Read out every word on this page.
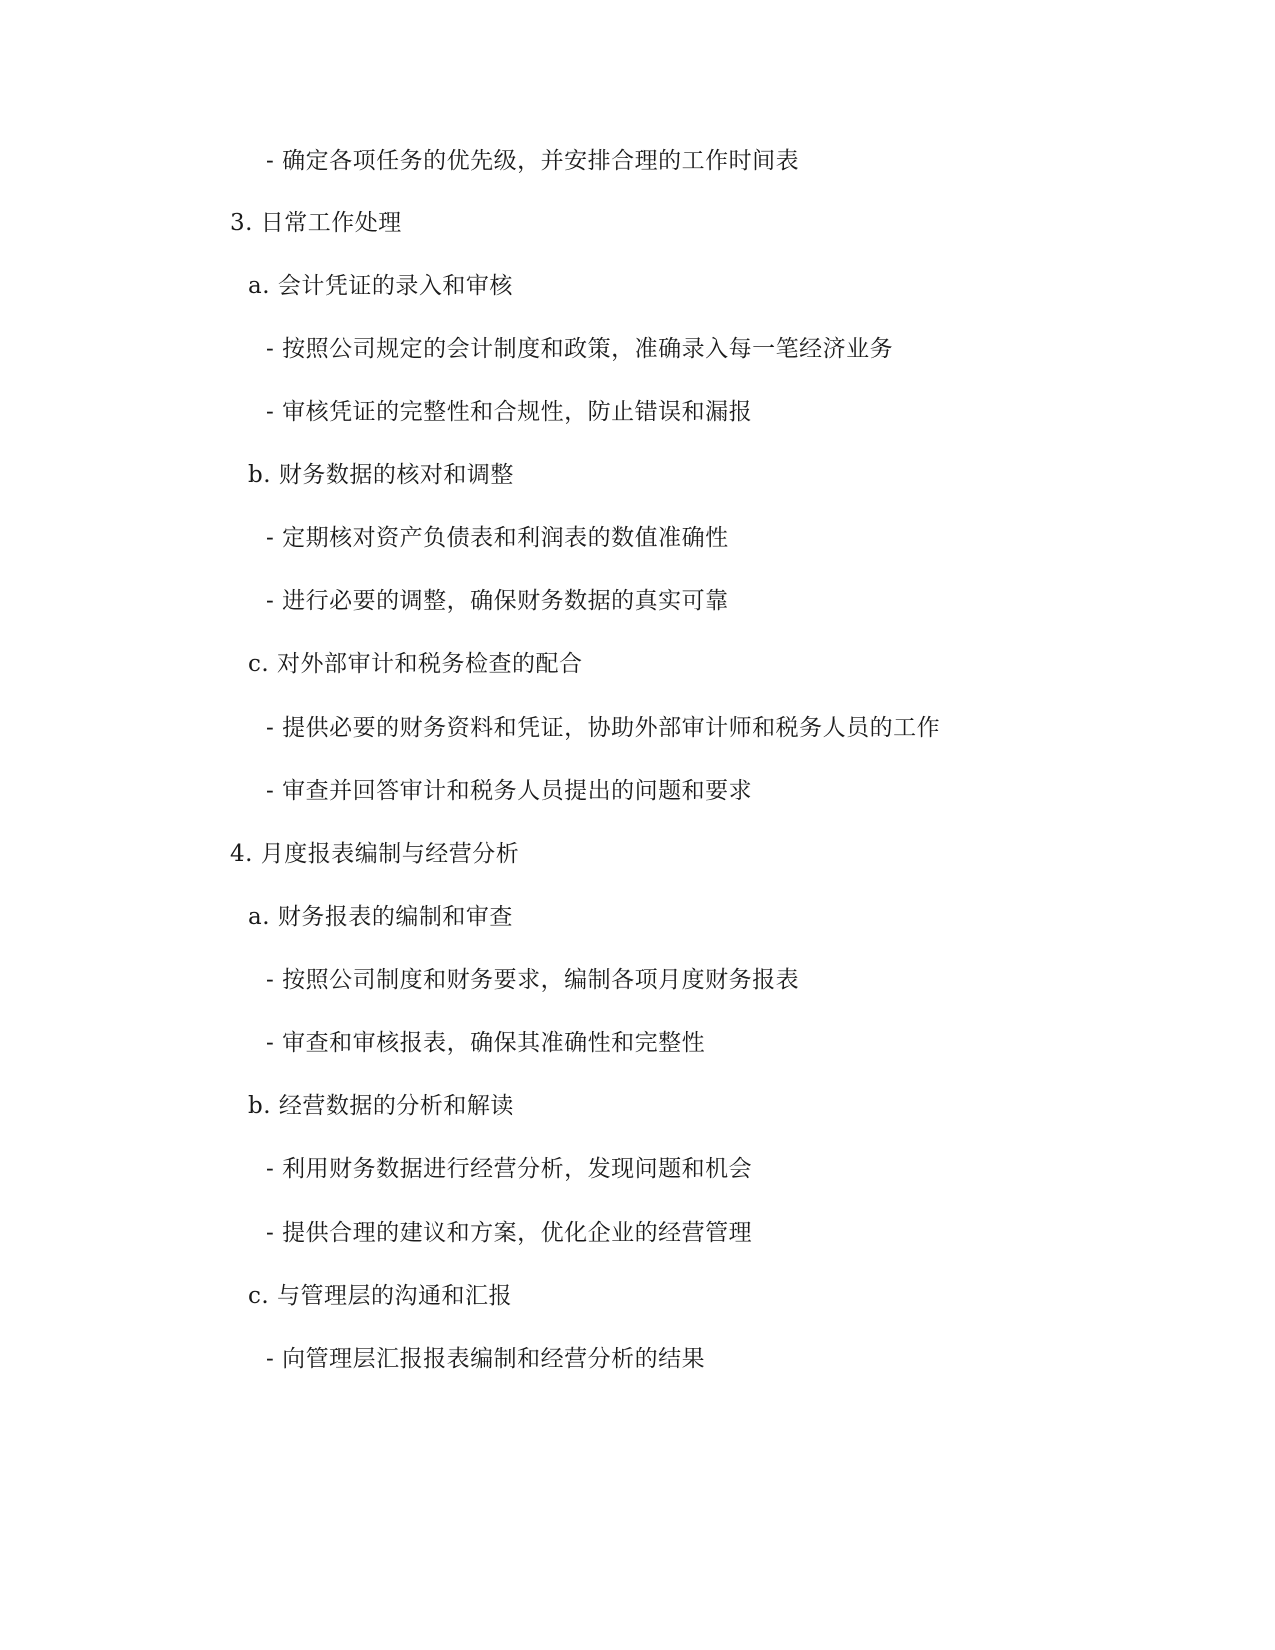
- 确定各项任务的优先级，并安排合理的工作时间表
3. 日常工作处理
a. 会计凭证的录入和审核
- 按照公司规定的会计制度和政策，准确录入每一笔经济业务
- 审核凭证的完整性和合规性，防止错误和漏报
b. 财务数据的核对和调整
- 定期核对资产负债表和利润表的数值准确性
- 进行必要的调整，确保财务数据的真实可靠
c. 对外部审计和税务检查的配合
- 提供必要的财务资料和凭证，协助外部审计师和税务人员的工作
- 审查并回答审计和税务人员提出的问题和要求
4. 月度报表编制与经营分析
a. 财务报表的编制和审查
- 按照公司制度和财务要求，编制各项月度财务报表
- 审查和审核报表，确保其准确性和完整性
b. 经营数据的分析和解读
- 利用财务数据进行经营分析，发现问题和机会
- 提供合理的建议和方案，优化企业的经营管理
c. 与管理层的沟通和汇报
- 向管理层汇报报表编制和经营分析的结果
